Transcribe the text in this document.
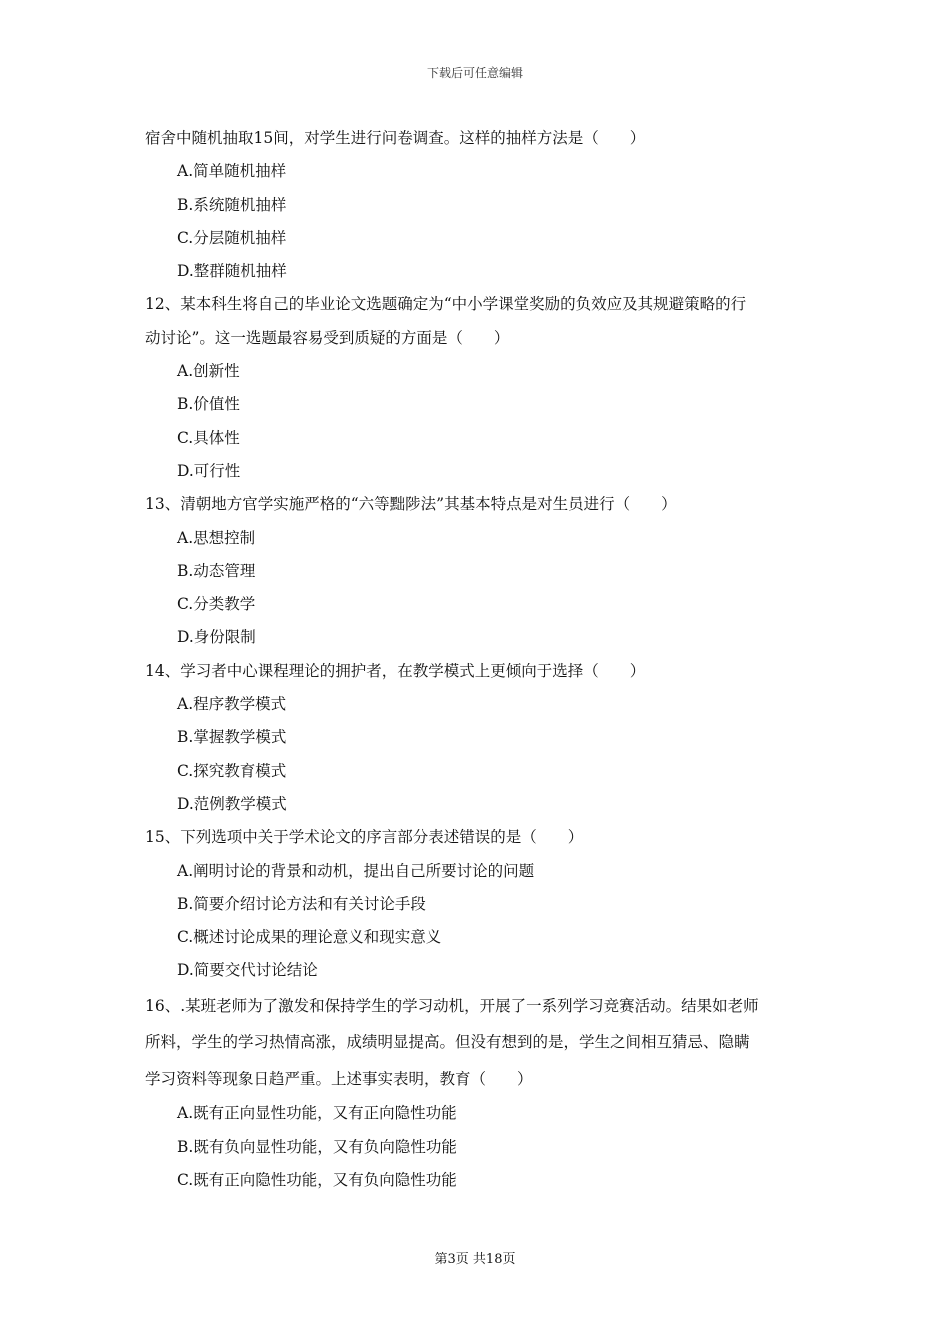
下载后可任意编辑
宿舍中随机抽取15间，对学生进行问卷调查。这样的抽样方法是（　　）
A.简单随机抽样
B.系统随机抽样
C.分层随机抽样
D.整群随机抽样
12、某本科生将自己的毕业论文选题确定为“中小学课堂奖励的负效应及其规避策略的行
动讨论”。这一选题最容易受到质疑的方面是（　　）
A.创新性
B.价值性
C.具体性
D.可行性
13、清朝地方官学实施严格的“六等黜陟法”其基本特点是对生员进行（　　）
A.思想控制
B.动态管理
C.分类教学
D.身份限制
14、学习者中心课程理论的拥护者，在教学模式上更倾向于选择（　　）
A.程序教学模式
B.掌握教学模式
C.探究教育模式
D.范例教学模式
15、下列选项中关于学术论文的序言部分表述错误的是（　　）
A.阐明讨论的背景和动机，提出自己所要讨论的问题
B.简要介绍讨论方法和有关讨论手段
C.概述讨论成果的理论意义和现实意义
D.简要交代讨论结论
16、.某班老师为了激发和保持学生的学习动机，开展了一系列学习竞赛活动。结果如老师
所料，学生的学习热情高涨，成绩明显提高。但没有想到的是，学生之间相互猜忌、隐瞒
学习资料等现象日趋严重。上述事实表明，教育（　　）
A.既有正向显性功能，又有正向隐性功能
B.既有负向显性功能，又有负向隐性功能
C.既有正向隐性功能，又有负向隐性功能
第3页 共18页
